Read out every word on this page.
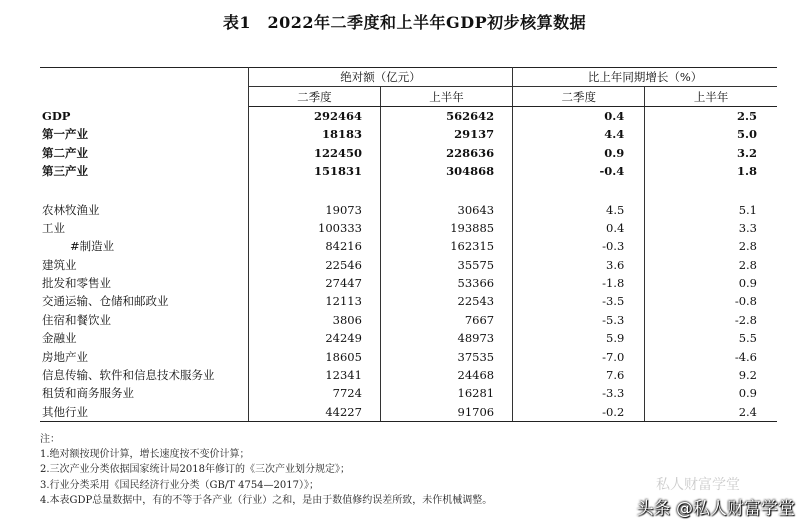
表1　2022年二季度和上半年GDP初步核算数据
	绝对额（亿元）		比上年同期增长（%）	
	二季度	上半年	二季度	上半年
GDP	292464	562642	0.4	2.5
第一产业	18183	29137	4.4	5.0
第二产业	122450	228636	0.9	3.2
第三产业	151831	304868	-0.4	1.8

农林牧渔业	19073	30643	4.5	5.1
工业	100333	193885	0.4	3.3
#制造业	84216	162315	-0.3	2.8
建筑业	22546	35575	3.6	2.8
批发和零售业	27447	53366	-1.8	0.9
交通运输、仓储和邮政业	12113	22543	-3.5	-0.8
住宿和餐饮业	3806	7667	-5.3	-2.8
金融业	24249	48973	5.9	5.5
房地产业	18605	37535	-7.0	-4.6
信息传输、软件和信息技术服务业	12341	24468	7.6	9.2
租赁和商务服务业	7724	16281	-3.3	0.9
其他行业	44227	91706	-0.2	2.4
注：
1.绝对额按现价计算，增长速度按不变价计算；
2.三次产业分类依据国家统计局2018年修订的《三次产业划分规定》；
3.行业分类采用《国民经济行业分类（GB/T 4754—2017）》；
4.本表GDP总量数据中，有的不等于各产业（行业）之和，是由于数值修约误差所致，未作机械调整。
私人财富学堂
头条 @私人财富学堂
